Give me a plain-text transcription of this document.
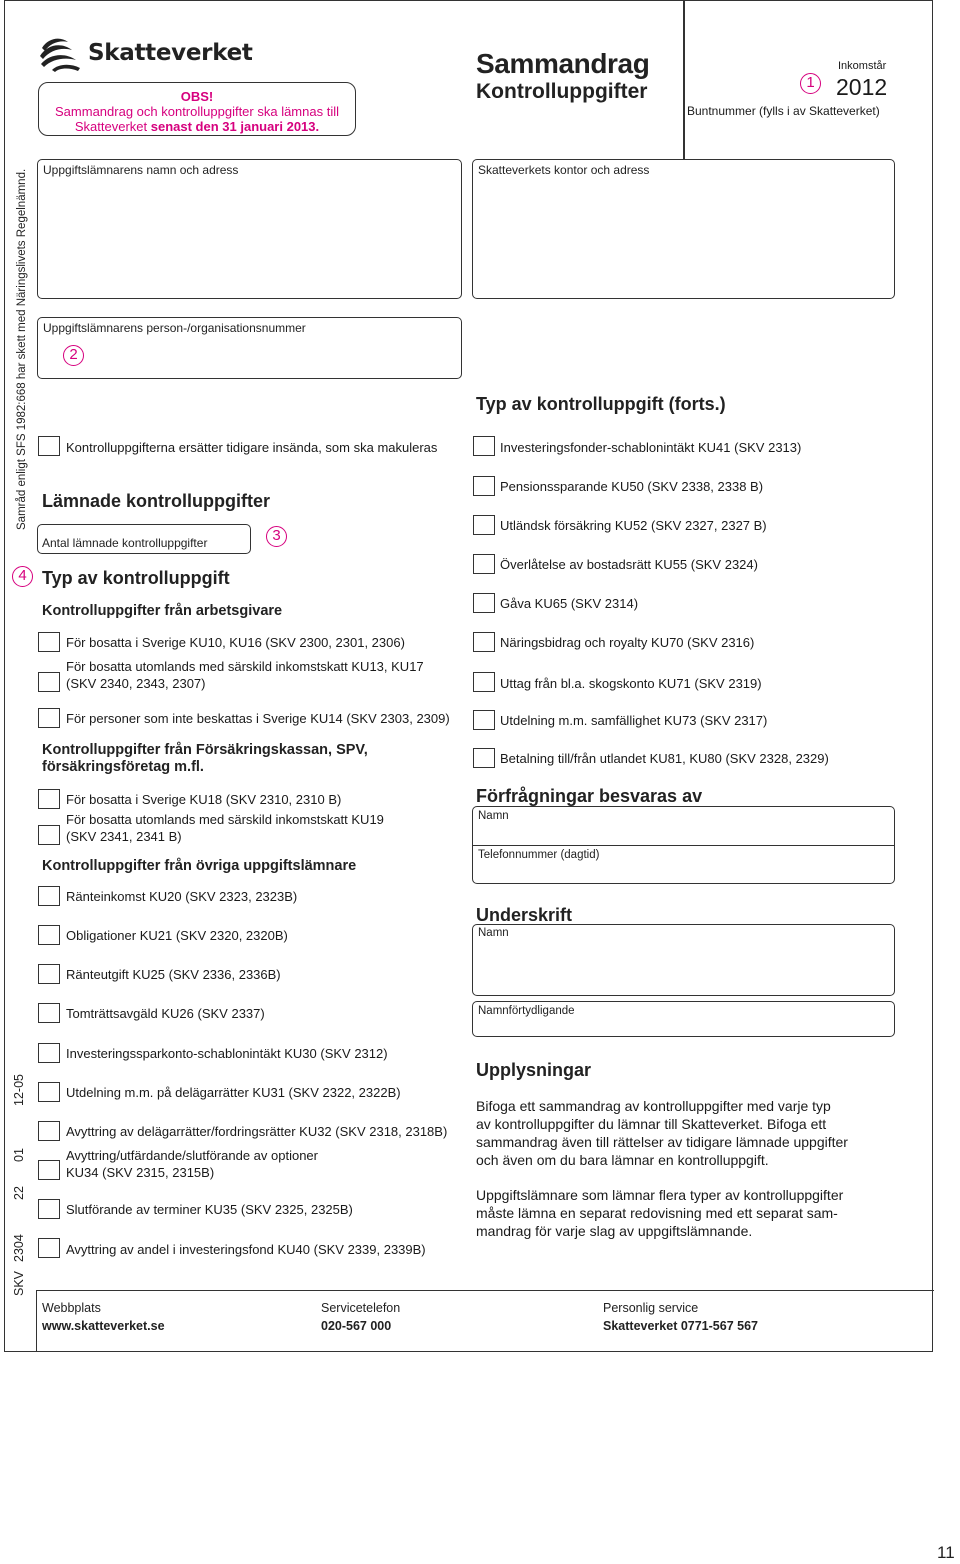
Skatteverket
OBS!
Sammandrag och kontrolluppgifter ska lämnas till
Skatteverket senast den 31 januari 2013.
Sammandrag
Kontrolluppgifter	1
Inkomstår
2012
Buntnummer (fylls i av Skatteverket)
Samråd enligt SFS 1982:668 har skett med Näringslivets Regelnämnd. Uppgiftslämnarens namn och adress
Uppgiftslämnarens person-/organisationsnummer
2
Kontrolluppgifterna ersätter tidigare insända, som ska makuleras
Lämnade kontrolluppgifter
Antal lämnade kontrolluppgifter	3
4 Typ av kontrolluppgift
Kontrolluppgifter från arbetsgivare
För bosatta i Sverige KU10, KU16 (SKV 2300, 2301, 2306)
För bosatta utomlands med särskild inkomstskatt KU13, KU17
(SKV 2340, 2343, 2307)
För personer som inte beskattas i Sverige KU14 (SKV 2303, 2309)
Kontrolluppgifter från Försäkringskassan, SPV,
försäkringsföretag m.fl.
För bosatta i Sverige KU18 (SKV 2310, 2310 B)
För bosatta utomlands med särskild inkomstskatt KU19
(SKV 2341, 2341 B)
Kontrolluppgifter från övriga uppgiftslämnare
Ränteinkomst KU20 (SKV 2323, 2323B)
Obligationer KU21 (SKV 2320, 2320B)
Ränteutgift KU25 (SKV 2336, 2336B)
Tomträttsavgäld KU26 (SKV 2337)
Investeringssparkonto-schablonintäkt KU30 (SKV 2312)
Utdelning m.m. på delägarrätter KU31 (SKV 2322, 2322B)
Avyttring av delägarrätter/fordringsrätter KU32 (SKV 2318, 2318B)
Avyttring/utfärdande/slutförande av optioner
KU34 (SKV 2315, 2315B)
Slutförande av terminer KU35 (SKV 2325, 2325B)
Avyttring av andel i investeringsfond KU40 (SKV 2339, 2339B)
Skatteverkets kontor och adress
Typ av kontrolluppgift (forts.)
Investeringsfonder-schablonintäkt KU41 (SKV 2313)
Pensionssparande KU50 (SKV 2338, 2338 B)
Utländsk försäkring KU52 (SKV 2327, 2327 B)
Överlåtelse av bostadsrätt KU55 (SKV 2324)
Gåva KU65 (SKV 2314)
Näringsbidrag och royalty KU70 (SKV 2316)
Uttag från bl.a. skogskonto KU71 (SKV 2319)
Utdelning m.m. samfällighet KU73 (SKV 2317)
Betalning till/från utlandet KU81, KU80 (SKV 2328, 2329)
Förfrågningar besvaras av
Namn
Telefonnummer (dagtid)
Underskrift
Namn
Namnförtydligande
Upplysningar
Bifoga ett sammandrag av kontrolluppgifter med varje typ
av kontrolluppgifter du lämnar till Skatteverket. Bifoga ett
sammandrag även till rättelser av tidigare lämnade uppgifter
och även om du bara lämnar en kontrolluppgift.
Uppgiftslämnare som lämnar flera typer av kontrolluppgifter
måste lämna en separat redovisning med ett separat sam-
mandrag för varje slag av uppgiftslämnande.
SKV
2304
22
01
12-05
Webbplats
www.skatteverket.se
Servicetelefon
020-567 000
Personlig service
Skatteverket 0771-567 567
11
